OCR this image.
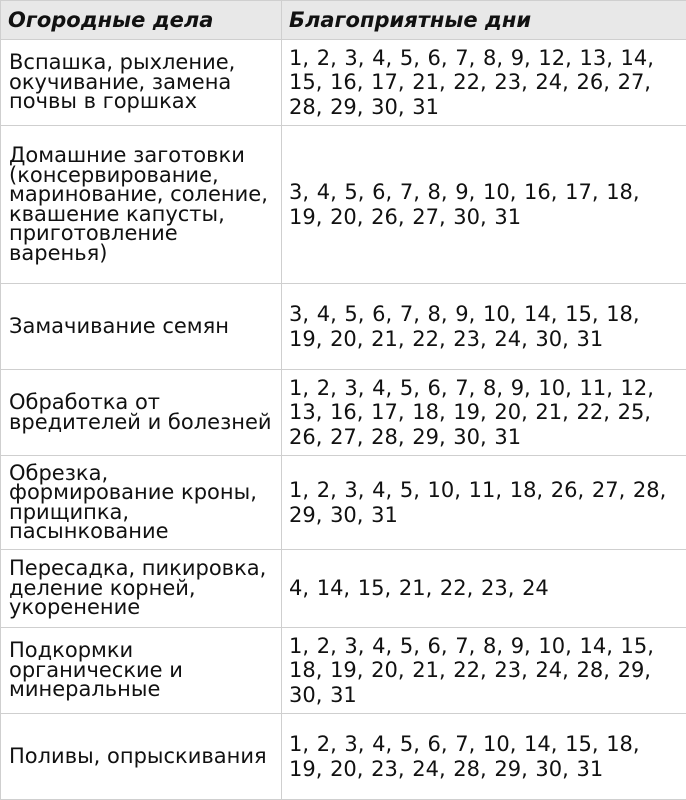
Огородные дела	Благоприятные дни
Вспашка, рыхление, окучивание, замена почвы в горшках	1, 2, 3, 4, 5, 6, 7, 8, 9, 12, 13, 14, 15, 16, 17, 21, 22, 23, 24, 26, 27, 28, 29, 30, 31
Домашние заготовки (консервирование, маринование, соление, квашение капусты, приготовление варенья)	3, 4, 5, 6, 7, 8, 9, 10, 16, 17, 18, 19, 20, 26, 27, 30, 31
Замачивание семян	3, 4, 5, 6, 7, 8, 9, 10, 14, 15, 18, 19, 20, 21, 22, 23, 24, 30, 31
Обработка от вредителей и болезней	1, 2, 3, 4, 5, 6, 7, 8, 9, 10, 11, 12, 13, 16, 17, 18, 19, 20, 21, 22, 25, 26, 27, 28, 29, 30, 31
Обрезка, формирование кроны, прищипка, пасынкование	1, 2, 3, 4, 5, 10, 11, 18, 26, 27, 28, 29, 30, 31
Пересадка, пикировка, деление корней, укоренение	4, 14, 15, 21, 22, 23, 24
Подкормки органические и минеральные	1, 2, 3, 4, 5, 6, 7, 8, 9, 10, 14, 15, 18, 19, 20, 21, 22, 23, 24, 28, 29, 30, 31
Поливы, опрыскивания	1, 2, 3, 4, 5, 6, 7, 10, 14, 15, 18, 19, 20, 23, 24, 28, 29, 30, 31
